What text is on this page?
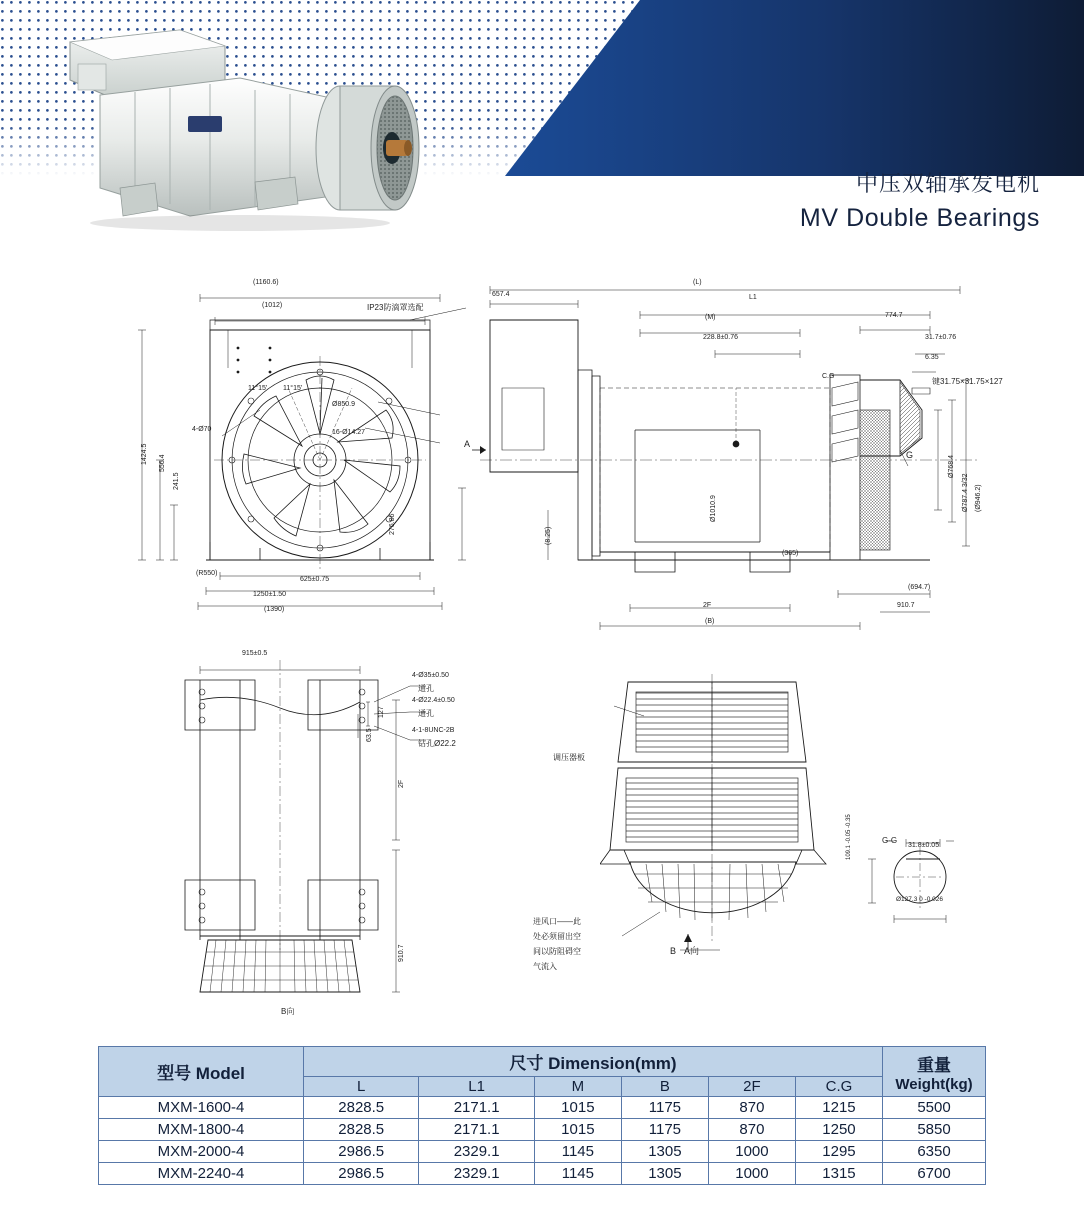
中压双轴承发电机
MV Double Bearings
(1160.6)
(1012)	IP23防滴罩选配
11°15' 11°15'
Ø850.9
16-Ø14.27
4-Ø70
1424.5 556.4
241.5
276.86
(R550)
625±0.75
1250±1.50
(1390)
(L)
657.4	L1
(M)	774.7
228.8±0.76	31.7±0.76
6.35
键31.75×31.75×127
C.G
A
G
Ø768.4
Ø787.4 3/32 (Ø946.2)
Ø1010.9
(8.25)
(365)
(694.7)
2F	910.7
(B)
915±0.5
4-Ø35±0.50
通孔
4-Ø22.4±0.50
通孔
4-1-8UNC-2B
钻孔Ø22.2
127
63.5
2F
910.7
B向
调压器板
进风口——此
处必须留出空
间以防阻碍空
气流入
B A向
G-G
31.8±0.05
109.1 -0.05 -0.35
Ø127.3 0 -0.026
型号 Model	尺寸 Dimension(mm)						重量
Weight(kg)

	L	L1	M	B	2F	C.G	
MXM-1600-4	2828.5	2171.1	1015	1175	870	1215	5500
MXM-1800-4	2828.5	2171.1	1015	1175	870	1250	5850
MXM-2000-4	2986.5	2329.1	1145	1305	1000	1295	6350
MXM-2240-4	2986.5	2329.1	1145	1305	1000	1315	6700
